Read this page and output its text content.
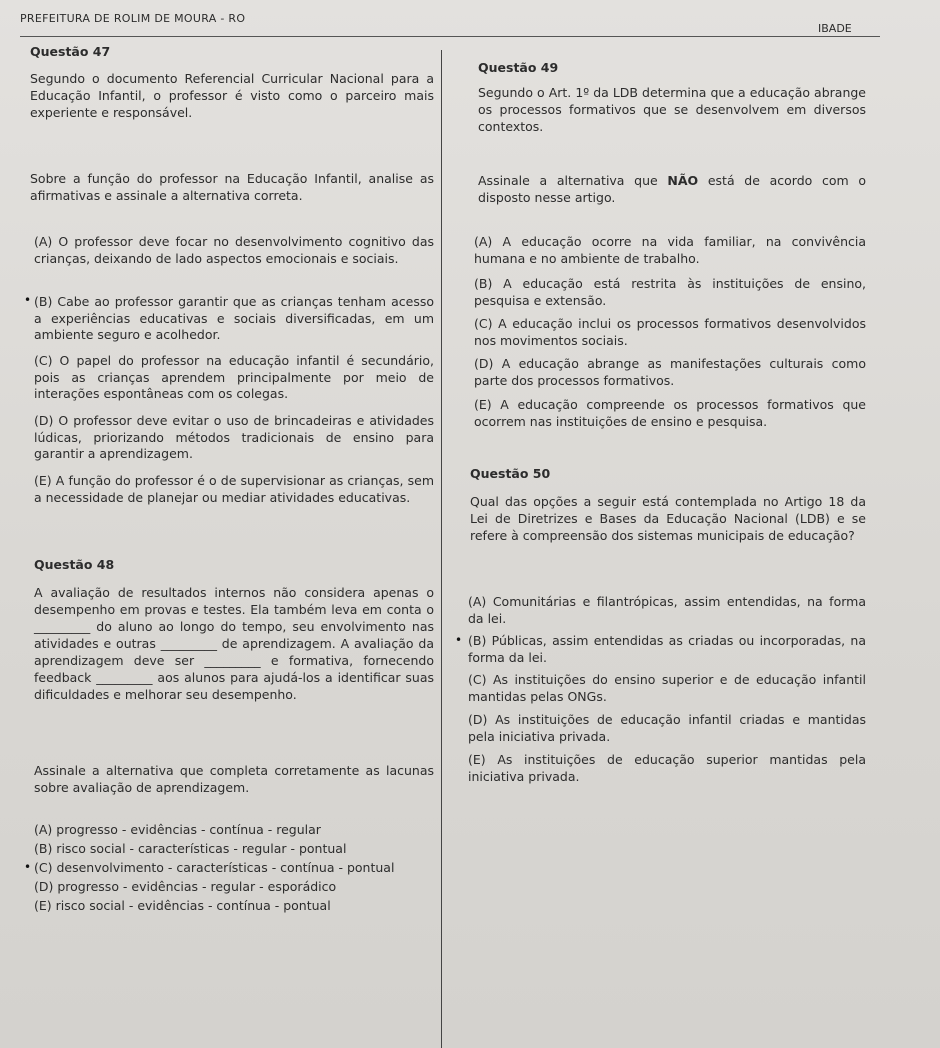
PREFEITURA DE ROLIM DE MOURA - RO
IBADE
Questão 47
Segundo o documento Referencial Curricular Nacional para a Educação Infantil, o professor é visto como o parceiro mais experiente e responsável.
Sobre a função do professor na Educação Infantil, analise as afirmativas e assinale a alternativa correta.
(A) O professor deve focar no desenvolvimento cognitivo das crianças, deixando de lado aspectos emocionais e sociais.
(B) Cabe ao professor garantir que as crianças tenham acesso a experiências educativas e sociais diversificadas, em um ambiente seguro e acolhedor.
(C) O papel do professor na educação infantil é secundário, pois as crianças aprendem principalmente por meio de interações espontâneas com os colegas.
(D) O professor deve evitar o uso de brincadeiras e atividades lúdicas, priorizando métodos tradicionais de ensino para garantir a aprendizagem.
(E) A função do professor é o de supervisionar as crianças, sem a necessidade de planejar ou mediar atividades educativas.
•
Questão 48
A avaliação de resultados internos não considera apenas o desempenho em provas e testes. Ela também leva em conta o _________ do aluno ao longo do tempo, seu envolvimento nas atividades e outras _________ de aprendizagem. A avaliação da aprendizagem deve ser _________ e formativa, fornecendo feedback _________ aos alunos para ajudá-los a identificar suas dificuldades e melhorar seu desempenho.
Assinale a alternativa que completa corretamente as lacunas sobre avaliação de aprendizagem.
(A) progresso - evidências - contínua - regular
(B) risco social - características - regular - pontual
(C) desenvolvimento - características - contínua - pontual
(D) progresso - evidências - regular - esporádico
(E) risco social - evidências - contínua - pontual
•
Questão 49
Segundo o Art. 1º da LDB determina que a educação abrange os processos formativos que se desenvolvem em diversos contextos.
Assinale a alternativa que NÃO está de acordo com o disposto nesse artigo.
(A) A educação ocorre na vida familiar, na convivência humana e no ambiente de trabalho.
(B) A educação está restrita às instituições de ensino, pesquisa e extensão.
(C) A educação inclui os processos formativos desenvolvidos nos movimentos sociais.
(D) A educação abrange as manifestações culturais como parte dos processos formativos.
(E) A educação compreende os processos formativos que ocorrem nas instituições de ensino e pesquisa.
Questão 50
Qual das opções a seguir está contemplada no Artigo 18 da Lei de Diretrizes e Bases da Educação Nacional (LDB) e se refere à compreensão dos sistemas municipais de educação?
(A) Comunitárias e filantrópicas, assim entendidas, na forma da lei.
(B) Públicas, assim entendidas as criadas ou incorporadas, na forma da lei.
(C) As instituições do ensino superior e de educação infantil mantidas pelas ONGs.
(D) As instituições de educação infantil criadas e mantidas pela iniciativa privada.
(E) As instituições de educação superior mantidas pela iniciativa privada.
•
